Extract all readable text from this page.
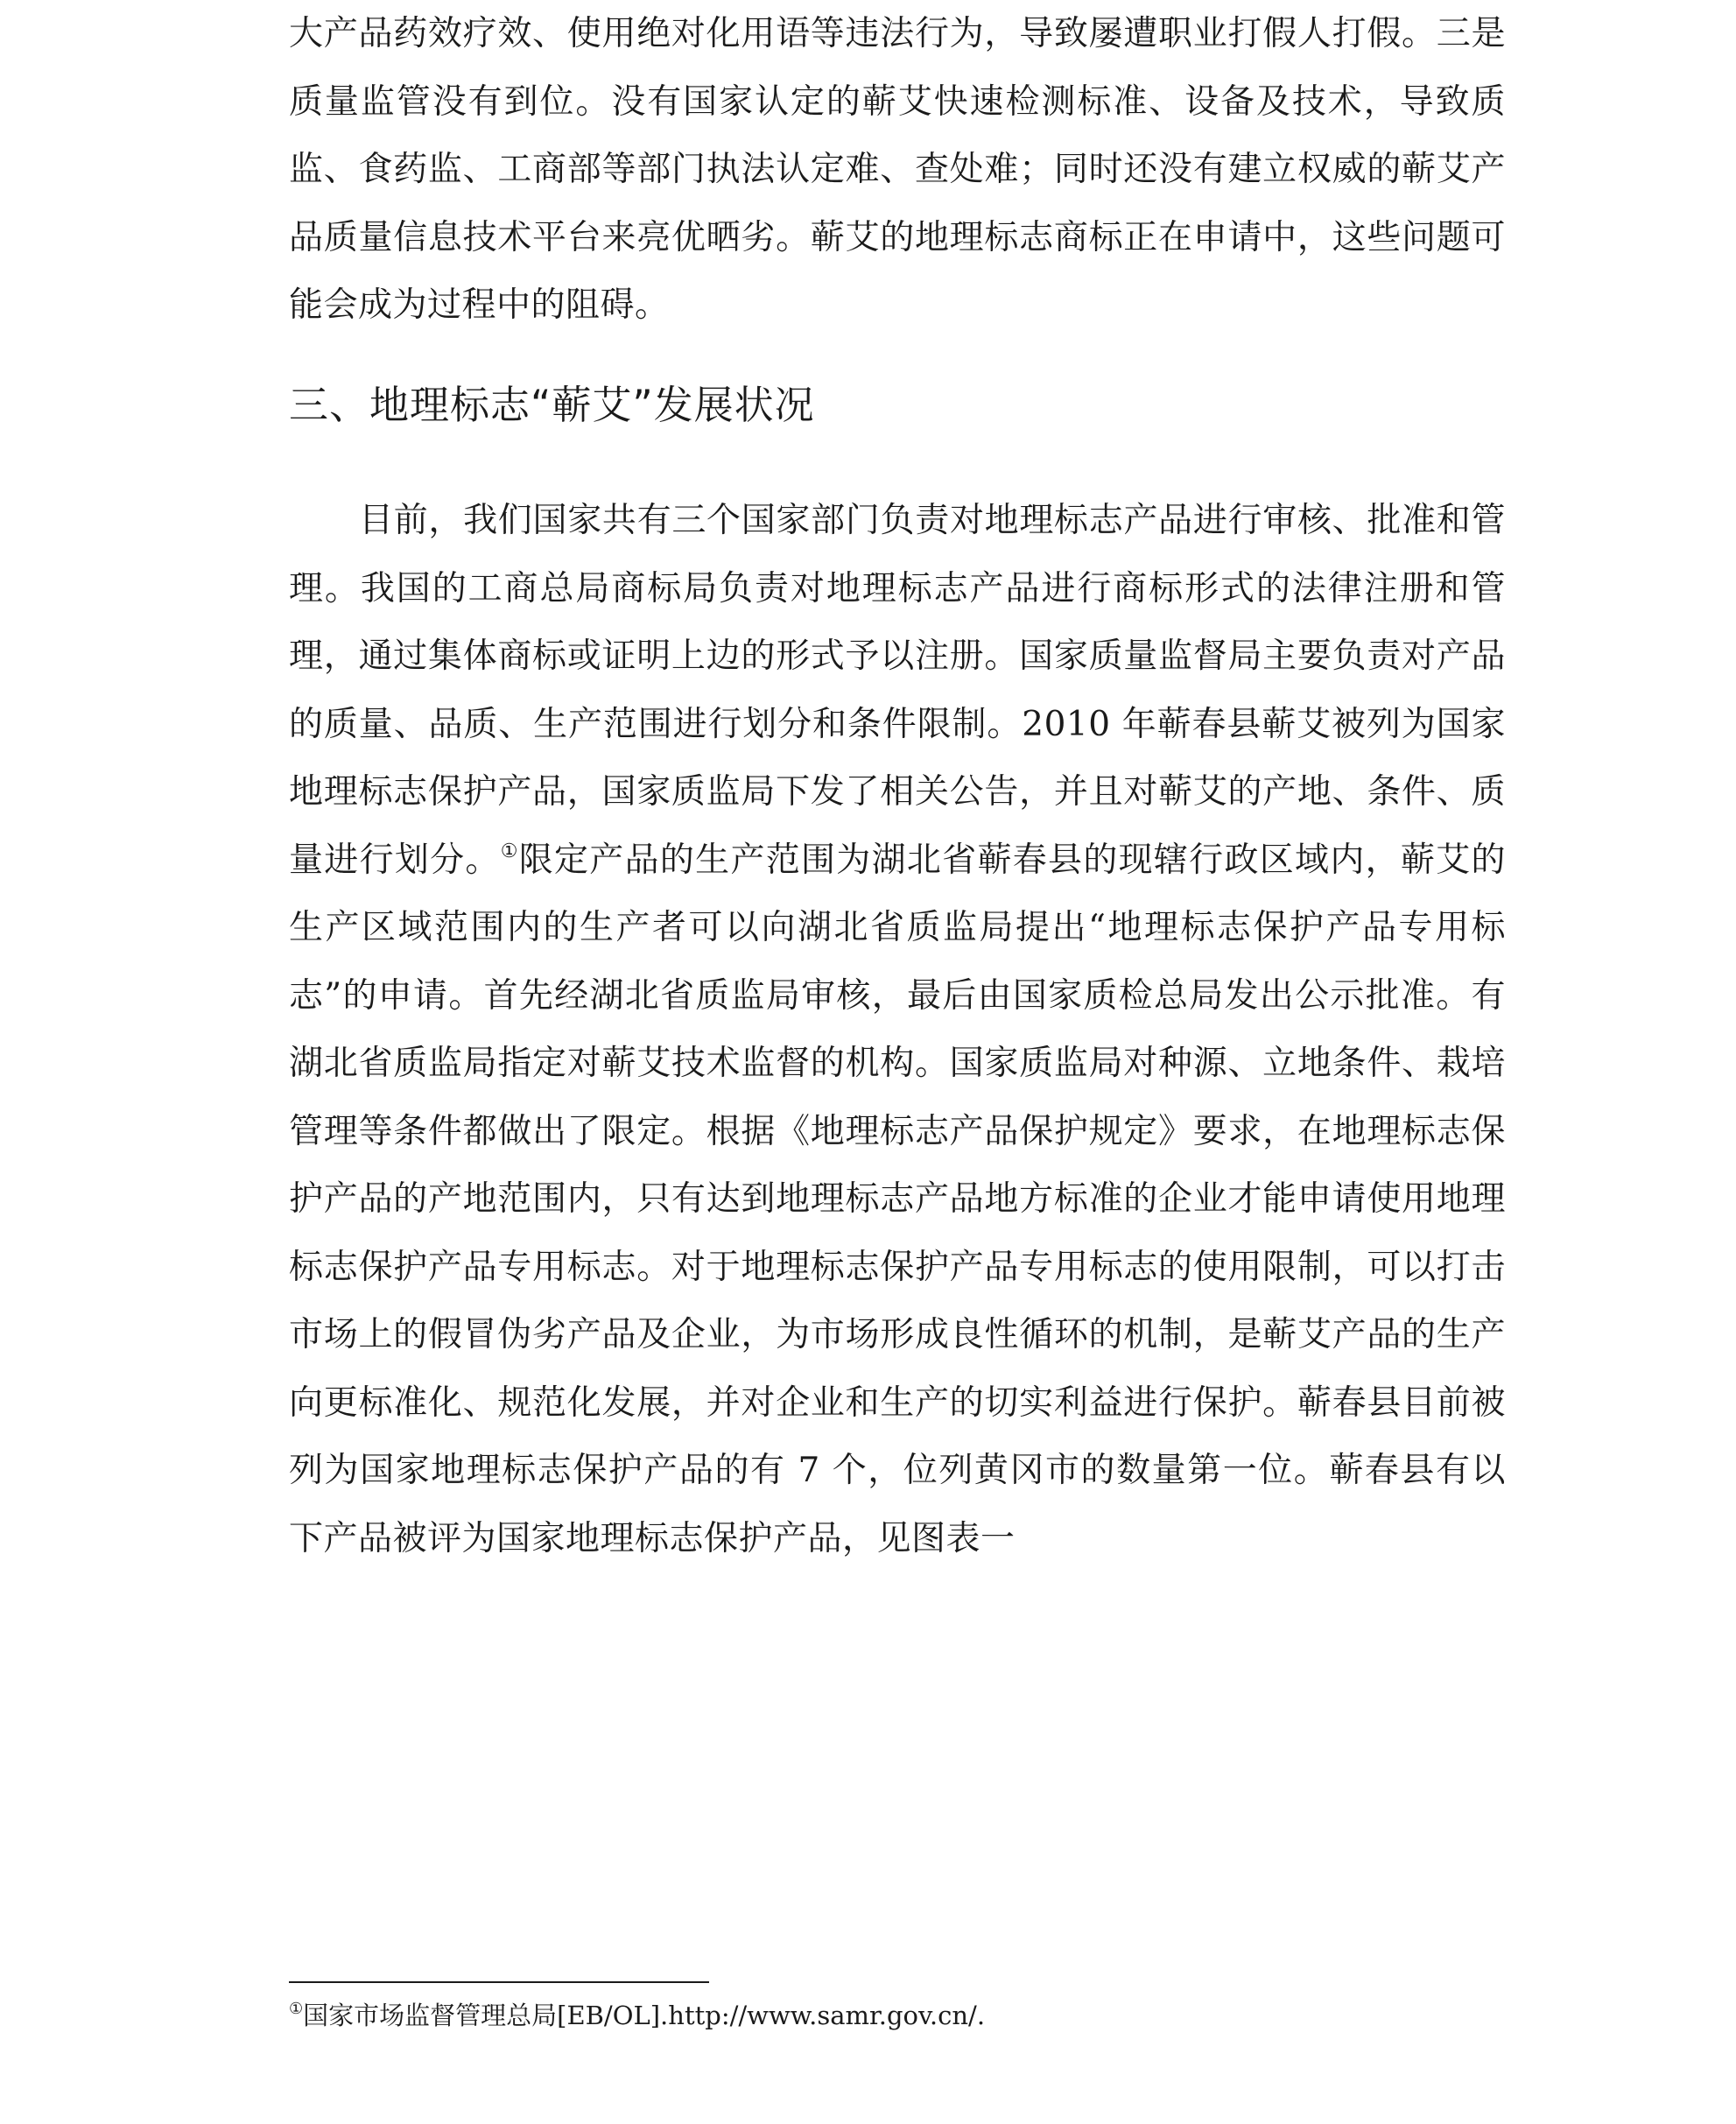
大产品药效疗效、使用绝对化用语等违法行为，导致屡遭职业打假人打假。三是质量监管没有到位。没有国家认定的蕲艾快速检测标准、设备及技术，导致质监、食药监、工商部等部门执法认定难、查处难；同时还没有建立权威的蕲艾产品质量信息技术平台来亮优晒劣。蕲艾的地理标志商标正在申请中，这些问题可能会成为过程中的阻碍。

三、地理标志“蕲艾”发展状况

目前，我们国家共有三个国家部门负责对地理标志产品进行审核、批准和管理。我国的工商总局商标局负责对地理标志产品进行商标形式的法律注册和管理，通过集体商标或证明上边的形式予以注册。国家质量监督局主要负责对产品的质量、品质、生产范围进行划分和条件限制。2010 年蕲春县蕲艾被列为国家地理标志保护产品，国家质监局下发了相关公告，并且对蕲艾的产地、条件、质量进行划分。①限定产品的生产范围为湖北省蕲春县的现辖行政区域内，蕲艾的生产区域范围内的生产者可以向湖北省质监局提出“地理标志保护产品专用标志”的申请。首先经湖北省质监局审核，最后由国家质检总局发出公示批准。有湖北省质监局指定对蕲艾技术监督的机构。国家质监局对种源、立地条件、栽培管理等条件都做出了限定。根据《地理标志产品保护规定》要求，在地理标志保护产品的产地范围内，只有达到地理标志产品地方标准的企业才能申请使用地理标志保护产品专用标志。对于地理标志保护产品专用标志的使用限制，可以打击市场上的假冒伪劣产品及企业，为市场形成良性循环的机制，是蕲艾产品的生产向更标准化、规范化发展，并对企业和生产的切实利益进行保护。蕲春县目前被列为国家地理标志保护产品的有 7 个，位列黄冈市的数量第一位。蕲春县有以下产品被评为国家地理标志保护产品，见图表一

①国家市场监督管理总局[EB/OL].http://www.samr.gov.cn/.
